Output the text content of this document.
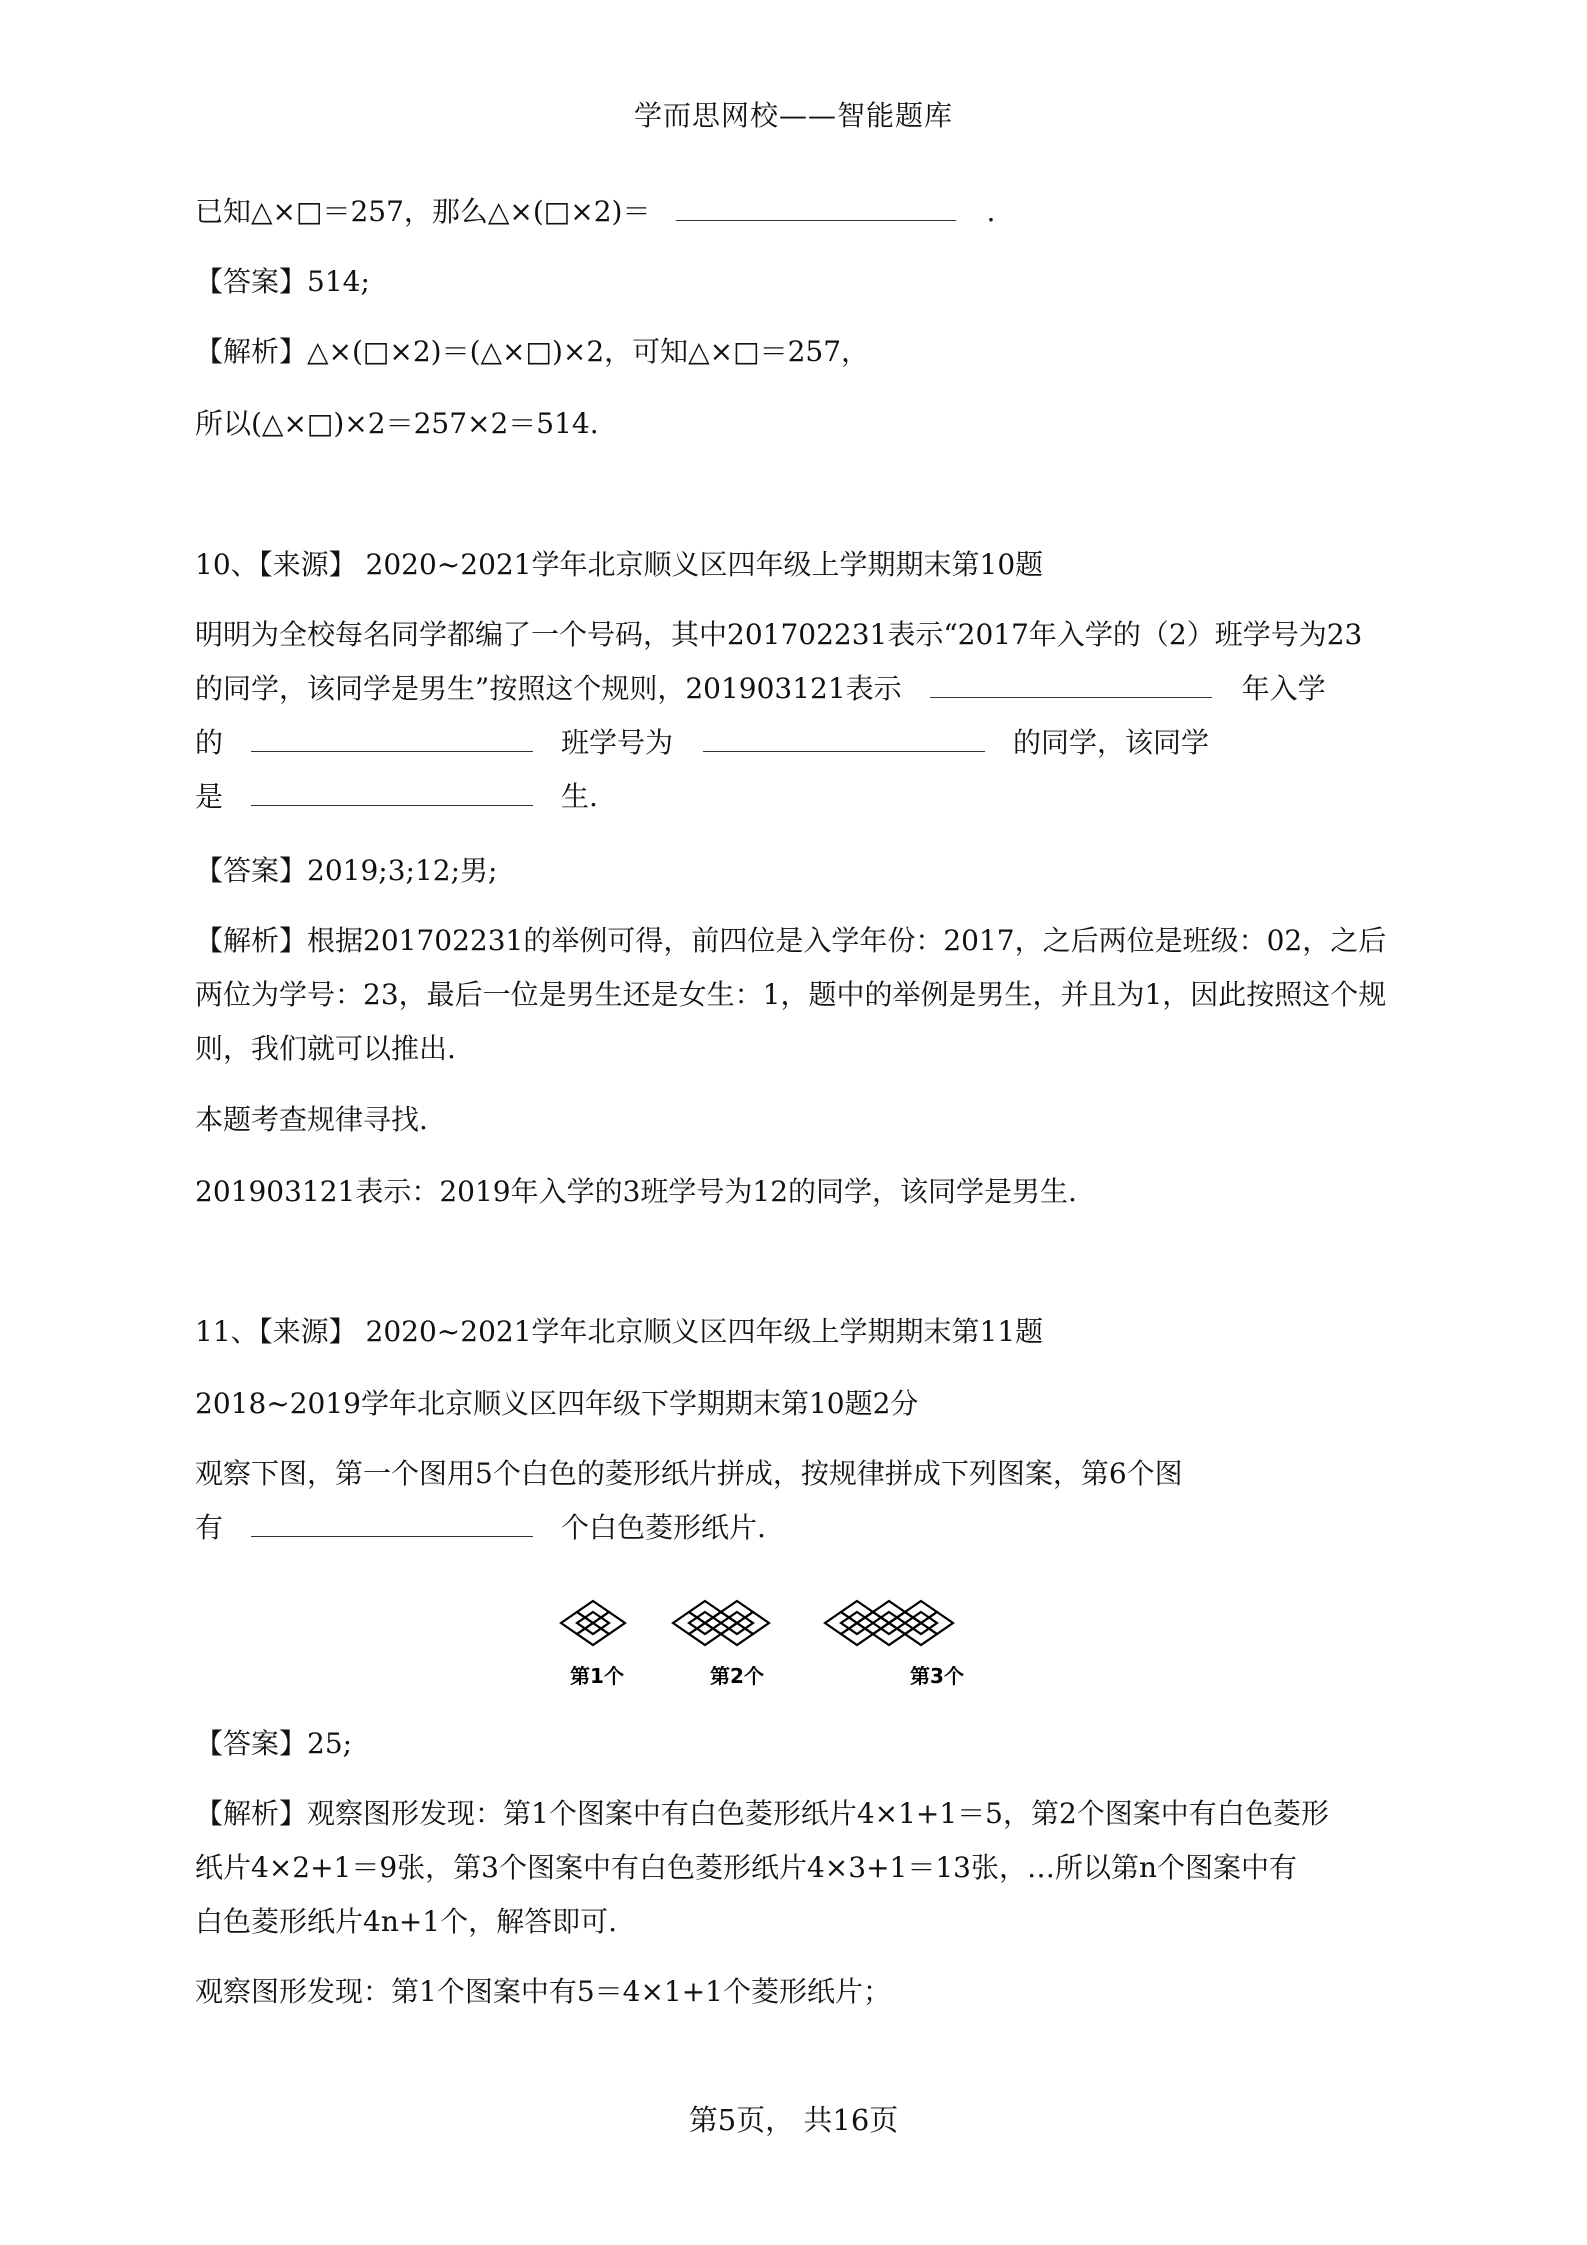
学而思网校——智能题库
已知△×□＝257，那么△×(□×2)＝	.
【答案】514;
【解析】△×(□×2)＝(△×□)×2，可知△×□＝257，
所以(△×□)×2＝257×2＝514.
10、【来源】 2020~2021学年北京顺义区四年级上学期期末第10题
明明为全校每名同学都编了一个号码，其中201702231表示“2017年入学的（2）班学号为23
的同学，该同学是男生”按照这个规则，201903121表示	年入学
的	班学号为	的同学，该同学
是	生.
【答案】2019;3;12;男;
【解析】根据201702231的举例可得，前四位是入学年份：2017，之后两位是班级：02，之后
两位为学号：23，最后一位是男生还是女生：1，题中的举例是男生，并且为1，因此按照这个规
则，我们就可以推出.
本题考查规律寻找.
201903121表示：2019年入学的3班学号为12的同学，该同学是男生.
11、【来源】 2020~2021学年北京顺义区四年级上学期期末第11题
2018~2019学年北京顺义区四年级下学期期末第10题2分
观察下图，第一个图用5个白色的菱形纸片拼成，按规律拼成下列图案，第6个图
有	个白色菱形纸片.
第1个	第2个	第3个
【答案】25;
【解析】观察图形发现：第1个图案中有白色菱形纸片4×1+1＝5，第2个图案中有白色菱形
纸片4×2+1＝9张，第3个图案中有白色菱形纸片4×3+1＝13张，…所以第n个图案中有
白色菱形纸片4n+1个，解答即可.
观察图形发现：第1个图案中有5＝4×1+1个菱形纸片；
第5页， 共16页
